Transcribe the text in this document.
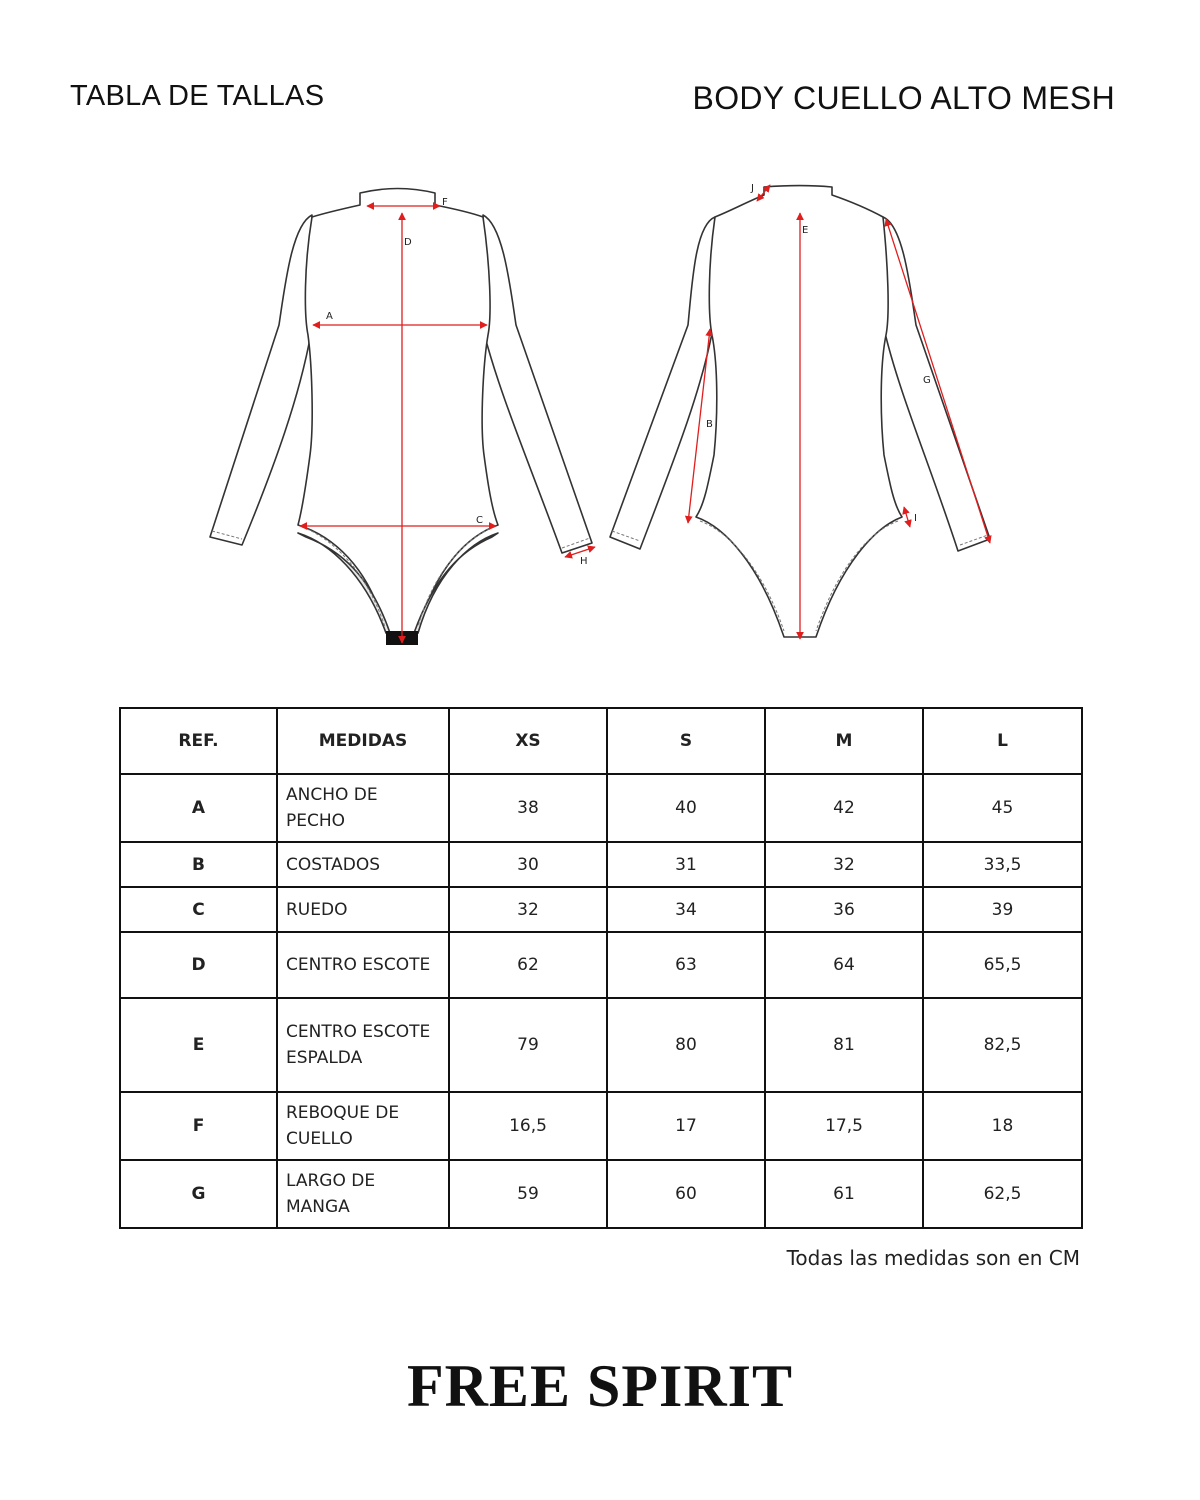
TABLA DE TALLAS	BODY CUELLO ALTO MESH
F
D
A
C
H
J
E
B
G
I
REF.	MEDIDAS	XS	S	M	L
A	ANCHO DE PECHO	38	40	42	45
B	COSTADOS	30	31	32	33,5
C	RUEDO	32	34	36	39
D	CENTRO ESCOTE	62	63	64	65,5
E	CENTRO ESCOTE ESPALDA	79	80	81	82,5
F	REBOQUE DE CUELLO	16,5	17	17,5	18
G	LARGO DE MANGA	59	60	61	62,5
Todas las medidas son en CM
FREE SPIRIT
